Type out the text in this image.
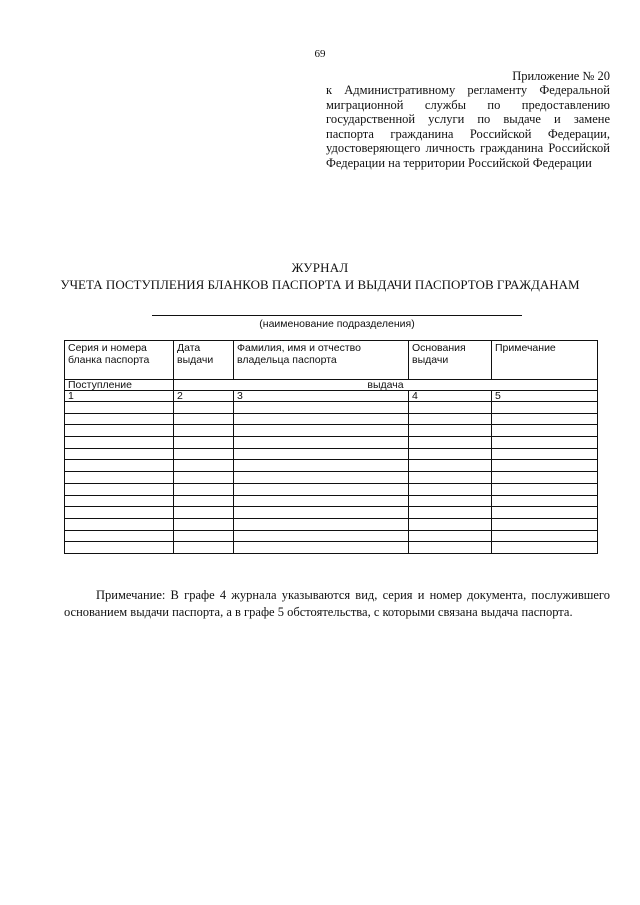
69
Приложение № 20
к Административному регламенту Федеральной миграционной службы по предоставлению государственной услуги по выдаче и замене паспорта гражданина Российской Федерации, удостоверяющего личность гражданина Российской Федерации на территории Российской Федерации
ЖУРНАЛ
УЧЕТА ПОСТУПЛЕНИЯ БЛАНКОВ ПАСПОРТА И ВЫДАЧИ ПАСПОРТОВ ГРАЖДАНАМ
(наименование подразделения)
Серия и номера бланка паспорта	Дата выдачи	Фамилия, имя и отчество владельца паспорта	Основания выдачи	Примечание
Поступление	выдача			
1	2	3	4	5

Примечание: В графе 4 журнала указываются вид, серия и номер документа, послужившего основанием выдачи паспорта, а в графе 5 обстоятельства, с которыми связана выдача паспорта.
